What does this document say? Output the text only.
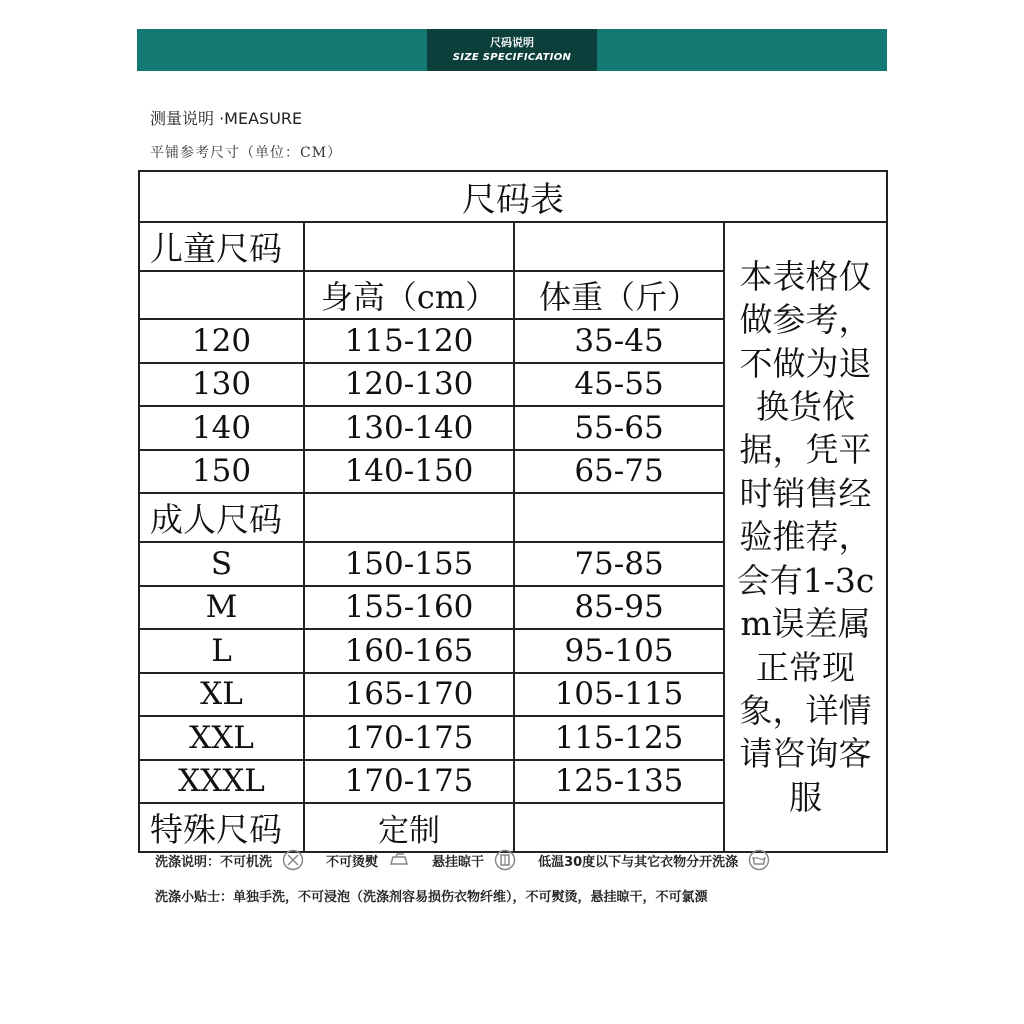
尺码说明
SIZE SPECIFICATION
测量说明 ·MEASURE
平铺参考尺寸（单位：CM）
尺码表			
儿童尺码			本表格仅做参考，不做为退换货依据，凭平时销售经验推荐，会有1-3cm误差属正常现象，详情请咨询客服
	身高（cm）	体重（斤）	
120	115-120	35-45	
130	120-130	45-55	
140	130-140	55-65	
150	140-150	65-75	
成人尺码			
S	150-155	75-85	
M	155-160	85-95	
L	160-165	95-105	
XL	165-170	105-115	
XXL	170-175	115-125	
XXXL	170-175	125-135	
特殊尺码	定制		
洗涤说明： 不可机洗	不可烫熨	悬挂晾干	低温30度以下与其它衣物分开洗涤
洗涤小贴士：单独手洗，不可浸泡（洗涤剂容易损伤衣物纤维），不可熨烫，悬挂晾干，不可氯漂
